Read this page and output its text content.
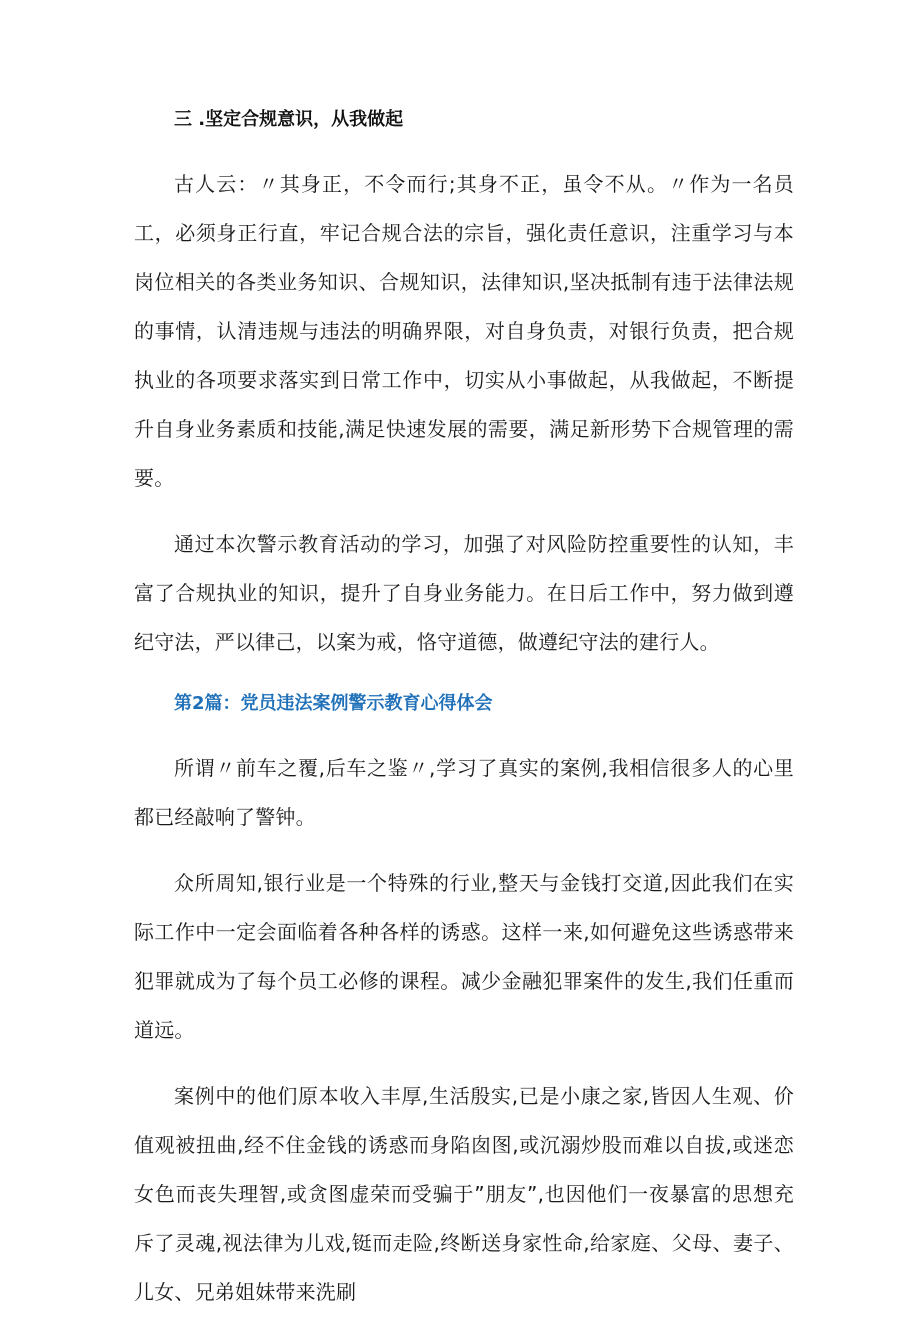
三 .坚定合规意识，从我做起

古人云：〃其身正，不令而行;其身不正，虽令不从。〃作为一名员工，必须身正行直，牢记合规合法的宗旨，强化责任意识，注重学习与本岗位相关的各类业务知识、合规知识，法律知识,坚决抵制有违于法律法规的事情，认清违规与违法的明确界限，对自身负责，对银行负责，把合规执业的各项要求落实到日常工作中，切实从小事做起，从我做起，不断提升自身业务素质和技能,满足快速发展的需要，满足新形势下合规管理的需要。

通过本次警示教育活动的学习，加强了对风险防控重要性的认知，丰富了合规执业的知识，提升了自身业务能力。在日后工作中，努力做到遵纪守法，严以律己，以案为戒，恪守道德，做遵纪守法的建行人。

第2篇：党员违法案例警示教育心得体会

所谓〃前车之覆,后车之鉴〃,学习了真实的案例,我相信很多人的心里都已经敲响了警钟。

众所周知,银行业是一个特殊的行业,整天与金钱打交道,因此我们在实际工作中一定会面临着各种各样的诱惑。这样一来,如何避免这些诱惑带来犯罪就成为了每个员工必修的课程。减少金融犯罪案件的发生,我们任重而道远。

案例中的他们原本收入丰厚,生活殷实,已是小康之家,皆因人生观、价值观被扭曲,经不住金钱的诱惑而身陷囱图,或沉溺炒股而难以自拔,或迷恋女色而丧失理智,或贪图虚荣而受骗于”朋友”,也因他们一夜暴富的思想充斥了灵魂,视法律为儿戏,铤而走险,终断送身家性命,给家庭、父母、妻子、儿女、兄弟姐妹带来洗刷
